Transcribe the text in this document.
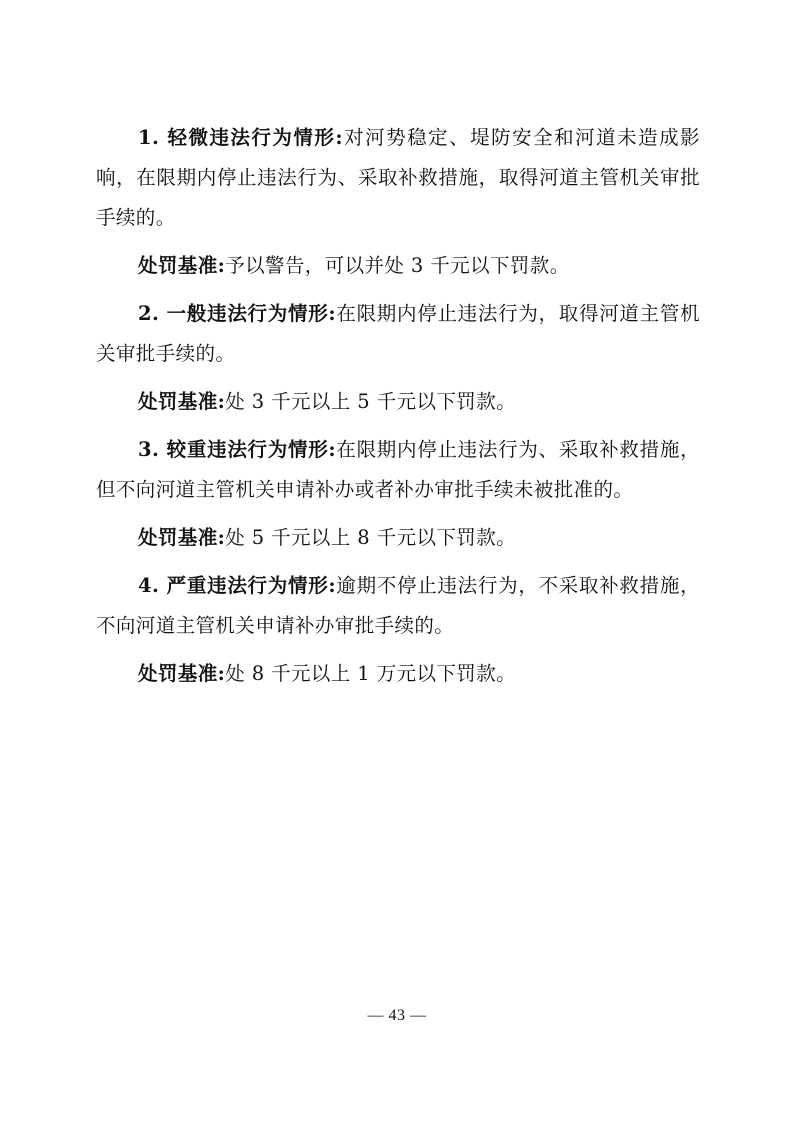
1. 轻微违法行为情形:对河势稳定、堤防安全和河道未造成影响，在限期内停止违法行为、采取补救措施，取得河道主管机关审批手续的。

处罚基准:予以警告，可以并处 3 千元以下罚款。

2. 一般违法行为情形:在限期内停止违法行为，取得河道主管机关审批手续的。

处罚基准:处 3 千元以上 5 千元以下罚款。

3. 较重违法行为情形:在限期内停止违法行为、采取补救措施，但不向河道主管机关申请补办或者补办审批手续未被批准的。

处罚基准:处 5 千元以上 8 千元以下罚款。

4. 严重违法行为情形:逾期不停止违法行为，不采取补救措施，不向河道主管机关申请补办审批手续的。

处罚基准:处 8 千元以上 1 万元以下罚款。

— 43 —
